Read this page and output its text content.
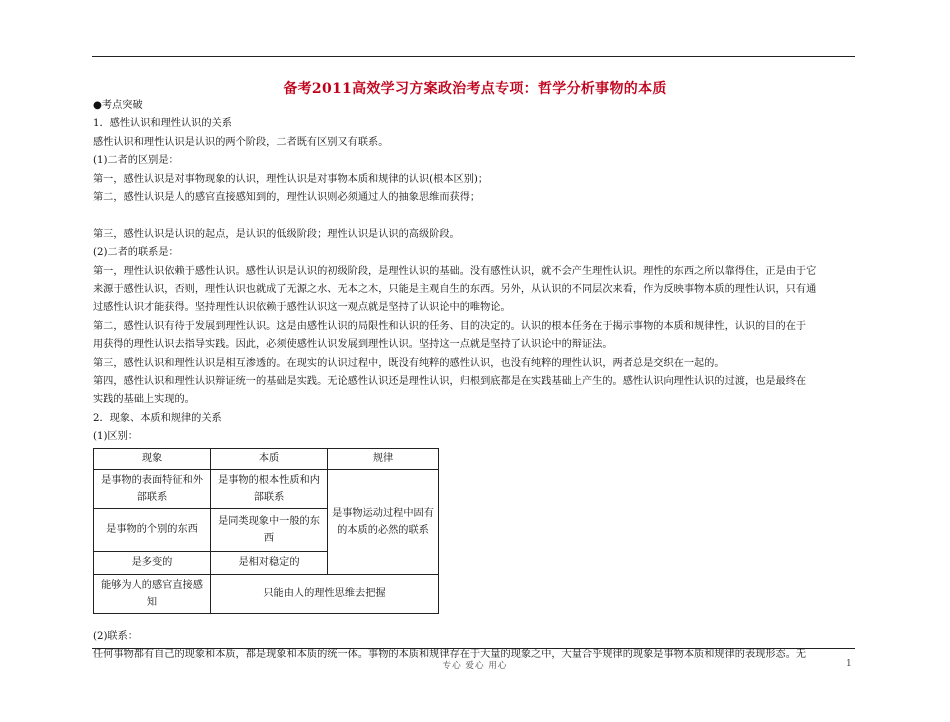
备考2011高效学习方案政治考点专项：哲学分析事物的本质

●考点突破

1．感性认识和理性认识的关系

感性认识和理性认识是认识的两个阶段，二者既有区别又有联系。

(1)二者的区别是：

第一，感性认识是对事物现象的认识，理性认识是对事物本质和规律的认识(根本区别)；

第二，感性认识是人的感官直接感知到的，理性认识则必须通过人的抽象思维而获得；

第三，感性认识是认识的起点，是认识的低级阶段；理性认识是认识的高级阶段。

(2)二者的联系是：

第一，理性认识依赖于感性认识。感性认识是认识的初级阶段，是理性认识的基础。没有感性认识，就不会产生理性认识。理性的东西之所以靠得住，正是由于它

来源于感性认识，否则，理性认识也就成了无源之水、无本之木，只能是主观自生的东西。另外，从认识的不同层次来看，作为反映事物本质的理性认识，只有通

过感性认识才能获得。坚持理性认识依赖于感性认识这一观点就是坚持了认识论中的唯物论。

第二，感性认识有待于发展到理性认识。这是由感性认识的局限性和认识的任务、目的决定的。认识的根本任务在于揭示事物的本质和规律性，认识的目的在于

用获得的理性认识去指导实践。因此，必须使感性认识发展到理性认识。坚持这一点就是坚持了认识论中的辩证法。

第三，感性认识和理性认识是相互渗透的。在现实的认识过程中，既没有纯粹的感性认识，也没有纯粹的理性认识，两者总是交织在一起的。

第四，感性认识和理性认识辩证统一的基础是实践。无论感性认识还是理性认识，归根到底都是在实践基础上产生的。感性认识向理性认识的过渡，也是最终在

实践的基础上实现的。

2．现象、本质和规律的关系

(1)区别：

现象	本质	规律
是事物的表面特征和外部联系	是事物的根本性质和内部联系	是事物运动过程中固有的本质的必然的联系
是事物的个别的东西	是同类现象中一般的东西	
是多变的	是相对稳定的	
能够为人的感官直接感知	只能由人的理性思维去把握	

(2)联系：

任何事物都有自己的现象和本质，都是现象和本质的统一体。事物的本质和规律存在于大量的现象之中，大量合乎规律的现象是事物本质和规律的表现形态。无

专心 爱心 用心	1
